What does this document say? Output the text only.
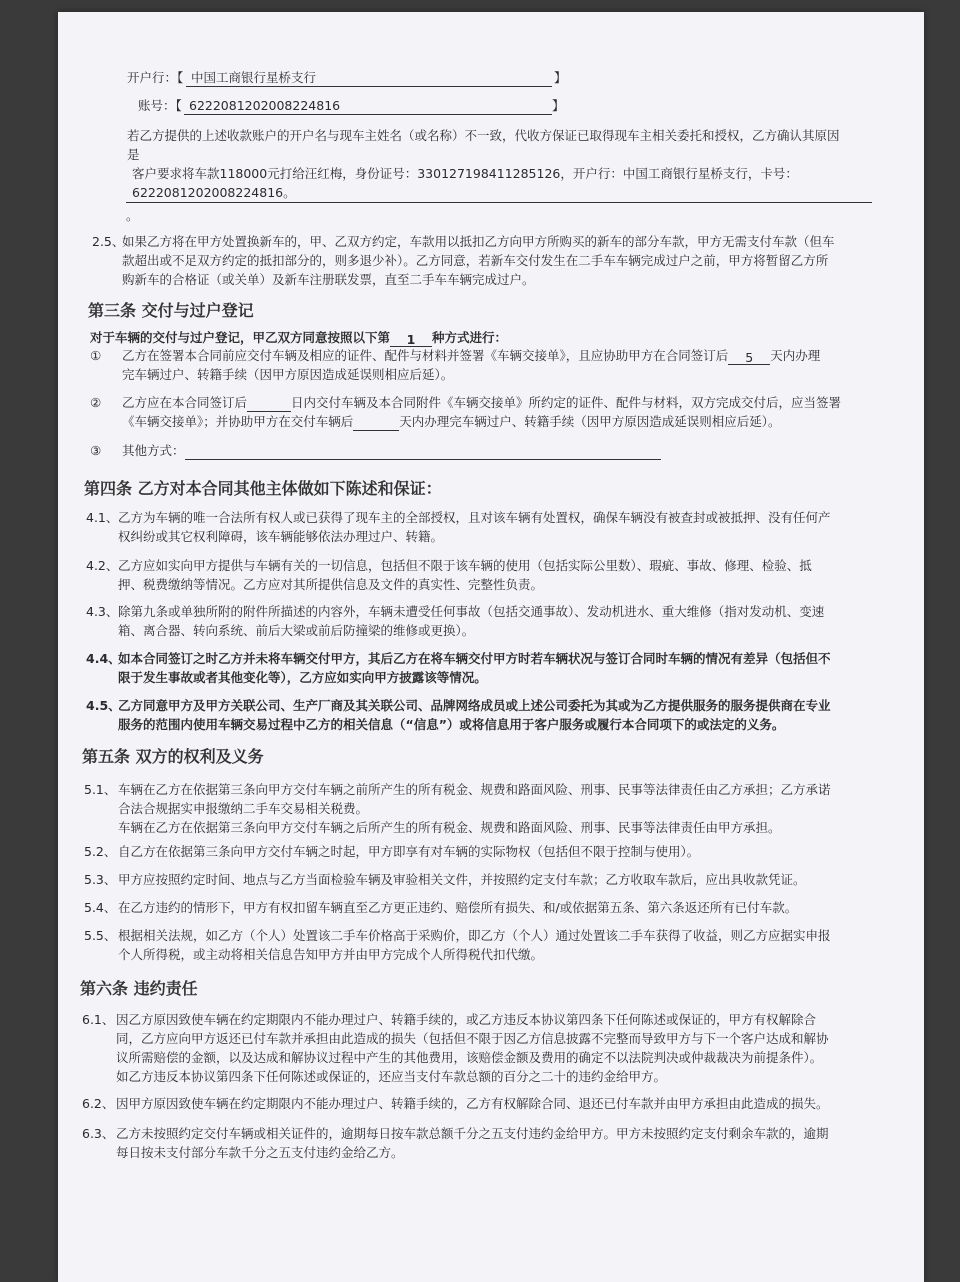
开户行：【 中国工商银行星桥支行	】
账号：【 6222081202008224816	】
若乙方提供的上述收款账户的开户名与现车主姓名（或名称）不一致，代收方保证已取得现车主相关委托和授权，乙方确认其原因
是
客户要求将车款118000元打给汪红梅，身份证号：330127198411285126，开户行：中国工商银行星桥支行，卡号：
6222081202008224816。
。
2.5、
如果乙方将在甲方处置换新车的，甲、乙双方约定，车款用以抵扣乙方向甲方所购买的新车的部分车款，甲方无需支付车款（但车
款超出或不足双方约定的抵扣部分的，则多退少补）。乙方同意，若新车交付发生在二手车车辆完成过户之前，甲方将暂留乙方所
购新车的合格证（或关单）及新车注册联发票，直至二手车车辆完成过户。
第三条 交付与过户登记
对于车辆的交付与过户登记，甲乙双方同意按照以下第 1 种方式进行：
① 乙方在签署本合同前应交付车辆及相应的证件、配件与材料并签署《车辆交接单》，且应协助甲方在合同签订后 5 天内办理
完车辆过户、转籍手续（因甲方原因造成延误则相应后延）。
② 乙方应在本合同签订后	日内交付车辆及本合同附件《车辆交接单》所约定的证件、配件与材料，双方完成交付后，应当签署
《车辆交接单》；并协助甲方在交付车辆后	天内办理完车辆过户、转籍手续（因甲方原因造成延误则相应后延）。
③ 其他方式：
第四条 乙方对本合同其他主体做如下陈述和保证：
4.1、 乙方为车辆的唯一合法所有权人或已获得了现车主的全部授权，且对该车辆有处置权，确保车辆没有被查封或被抵押、没有任何产
权纠纷或其它权利障碍，该车辆能够依法办理过户、转籍。
4.2、 乙方应如实向甲方提供与车辆有关的一切信息，包括但不限于该车辆的使用（包括实际公里数）、瑕疵、事故、修理、检验、抵
押、税费缴纳等情况。乙方应对其所提供信息及文件的真实性、完整性负责。
4.3、 除第九条或单独所附的附件所描述的内容外，车辆未遭受任何事故（包括交通事故）、发动机进水、重大维修（指对发动机、变速
箱、离合器、转向系统、前后大梁或前后防撞梁的维修或更换）。
4.4、
如本合同签订之时乙方并未将车辆交付甲方，其后乙方在将车辆交付甲方时若车辆状况与签订合同时车辆的情况有差异（包括但不
限于发生事故或者其他变化等），乙方应如实向甲方披露该等情况。
4.5、
乙方同意甲方及甲方关联公司、生产厂商及其关联公司、品牌网络成员或上述公司委托为其或为乙方提供服务的服务提供商在专业
服务的范围内使用车辆交易过程中乙方的相关信息（“信息”）或将信息用于客户服务或履行本合同项下的或法定的义务。
第五条 双方的权利及义务
5.1、 车辆在乙方在依据第三条向甲方交付车辆之前所产生的所有税金、规费和路面风险、刑事、民事等法律责任由乙方承担；乙方承诺
合法合规据实申报缴纳二手车交易相关税费。
车辆在乙方在依据第三条向甲方交付车辆之后所产生的所有税金、规费和路面风险、刑事、民事等法律责任由甲方承担。
5.2、 自乙方在依据第三条向甲方交付车辆之时起，甲方即享有对车辆的实际物权（包括但不限于控制与使用）。
5.3、 甲方应按照约定时间、地点与乙方当面检验车辆及审验相关文件，并按照约定支付车款；乙方收取车款后，应出具收款凭证。
5.4、 在乙方违约的情形下，甲方有权扣留车辆直至乙方更正违约、赔偿所有损失、和/或依据第五条、第六条返还所有已付车款。
5.5、 根据相关法规，如乙方（个人）处置该二手车价格高于采购价，即乙方（个人）通过处置该二手车获得了收益，则乙方应据实申报
个人所得税，或主动将相关信息告知甲方并由甲方完成个人所得税代扣代缴。
第六条 违约责任
6.1、 因乙方原因致使车辆在约定期限内不能办理过户、转籍手续的，或乙方违反本协议第四条下任何陈述或保证的，甲方有权解除合
同，乙方应向甲方返还已付车款并承担由此造成的损失（包括但不限于因乙方信息披露不完整而导致甲方与下一个客户达成和解协
议所需赔偿的金额，以及达成和解协议过程中产生的其他费用，该赔偿金额及费用的确定不以法院判决或仲裁裁决为前提条件）。
如乙方违反本协议第四条下任何陈述或保证的，还应当支付车款总额的百分之二十的违约金给甲方。
6.2、 因甲方原因致使车辆在约定期限内不能办理过户、转籍手续的，乙方有权解除合同、退还已付车款并由甲方承担由此造成的损失。
6.3、 乙方未按照约定交付车辆或相关证件的，逾期每日按车款总额千分之五支付违约金给甲方。甲方未按照约定支付剩余车款的，逾期
每日按未支付部分车款千分之五支付违约金给乙方。
